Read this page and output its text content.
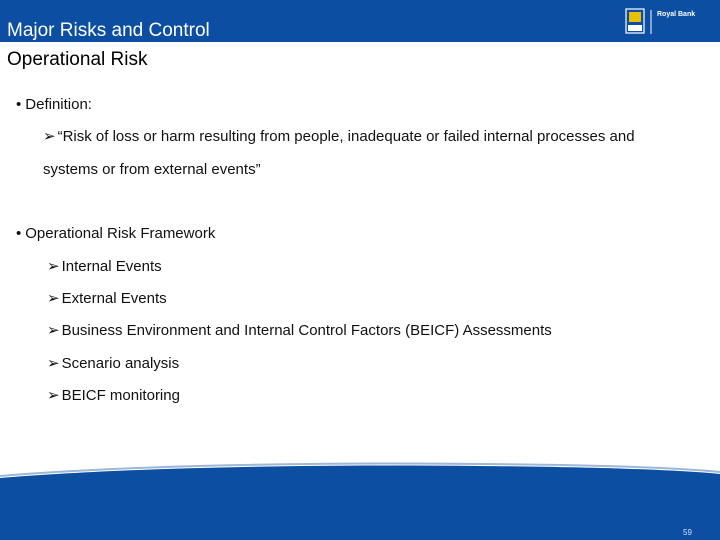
Major Risks and Control
Operational Risk
Royal Bank
• Definition:
➢ “Risk of loss or harm resulting from people, inadequate or failed internal processes and
systems or from external events”
• Operational Risk Framework
➢ Internal Events
➢ External Events
➢ Business Environment and Internal Control Factors (BEICF) Assessments
➢ Scenario analysis
➢ BEICF monitoring
59
